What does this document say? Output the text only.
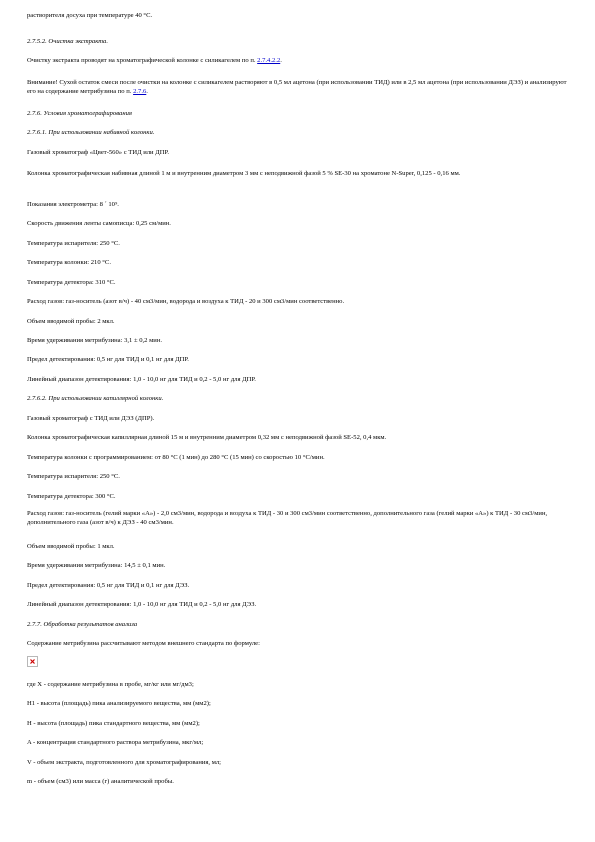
растворителя досуха при температуре 40 °С.

2.7.5.2. Очистка экстракта.

Очистку экстракта проводят на хроматографической колонке с силикагелем по п. 2.7.4.2.2.

Внимание! Сухой остаток смеси после очистки на колонке с силикагелем растворяют в 0,5 мл ацетона (при использовании ТИД) или в 2,5 мл ацетона (при использовании ДЭЗ) и анализируют его на содержание метрибузина по п. 2.7.6.

2.7.6. Условия хроматографирования

2.7.6.1. При использовании набивной колонки.

Газовый хроматограф «Цвет-560» с ТИД или ДПР.

Колонка хроматографическая набивная длиной 1 м и внутренним диаметром 3 мм с неподвижной фазой 5 % SE-30 на хроматоне N-Super, 0,125 - 0,16 мм.

Показания электрометра: 8 ´ 10⁹.

Скорость движения ленты самописца: 0,25 см/мин.

Температура испарителя: 250 °С.

Температура колонки: 210 °С.

Температура детектора: 310 °С.

Расход газов: газ-носитель (азот в/ч) - 40 см3/мин, водорода и воздуха к ТИД - 20 и 300 см3/мин соответственно.

Объем вводимой пробы: 2 мкл.

Время удерживания метрибузина: 3,1 ± 0,2 мин.

Предел детектирования: 0,5 нг для ТИД и 0,1 нг для ДПР.

Линейный диапазон детектирования: 1,0 - 10,0 нг для ТИД и 0,2 - 5,0 нг для ДПР.

2.7.6.2. При использовании капиллярной колонки.

Газовый хроматограф с ТИД или ДЭЗ (ДПР).

Колонка хроматографическая капиллярная длиной 15 м и внутренним диаметром 0,32 мм с неподвижной фазой SE-52, 0,4 мкм.

Температура колонки с программированием: от 80 °С (1 мин) до 280 °С (15 мин) со скоростью 10 °С/мин.

Температура испарителя: 250 °С.

Температура детектора: 300 °С.

Расход газов: газ-носитель (гелий марки «А») - 2,0 см3/мин, водорода и воздуха к ТИД - 30 и 300 см3/мин соответственно, дополнительного газа (гелий марки «А») к ТИД - 30 см3/мин, дополнительного газа (азот в/ч) к ДЭЗ - 40 см3/мин.

Объем вводимой пробы: 1 мкл.

Время удерживания метрибузина: 14,5 ± 0,1 мин.

Предел детектирования: 0,5 нг для ТИД и 0,1 нг для ДЭЗ.

Линейный диапазон детектирования: 1,0 - 10,0 нг для ТИД и 0,2 - 5,0 нг для ДЭЗ.

2.7.7. Обработка результатов анализа

Содержание метрибузина рассчитывают методом внешнего стандарта по формуле:

где X - содержание метрибузина в пробе, мг/кг или мг/дм3;

H1 - высота (площадь) пика анализируемого вещества, мм (мм2);

H - высота (площадь) пика стандартного вещества, мм (мм2);

A - концентрация стандартного раствора метрибузина, мкг/мл;

V - объем экстракта, подготовленного для хроматографирования, мл;

m - объем (см3) или масса (г) аналитической пробы.
